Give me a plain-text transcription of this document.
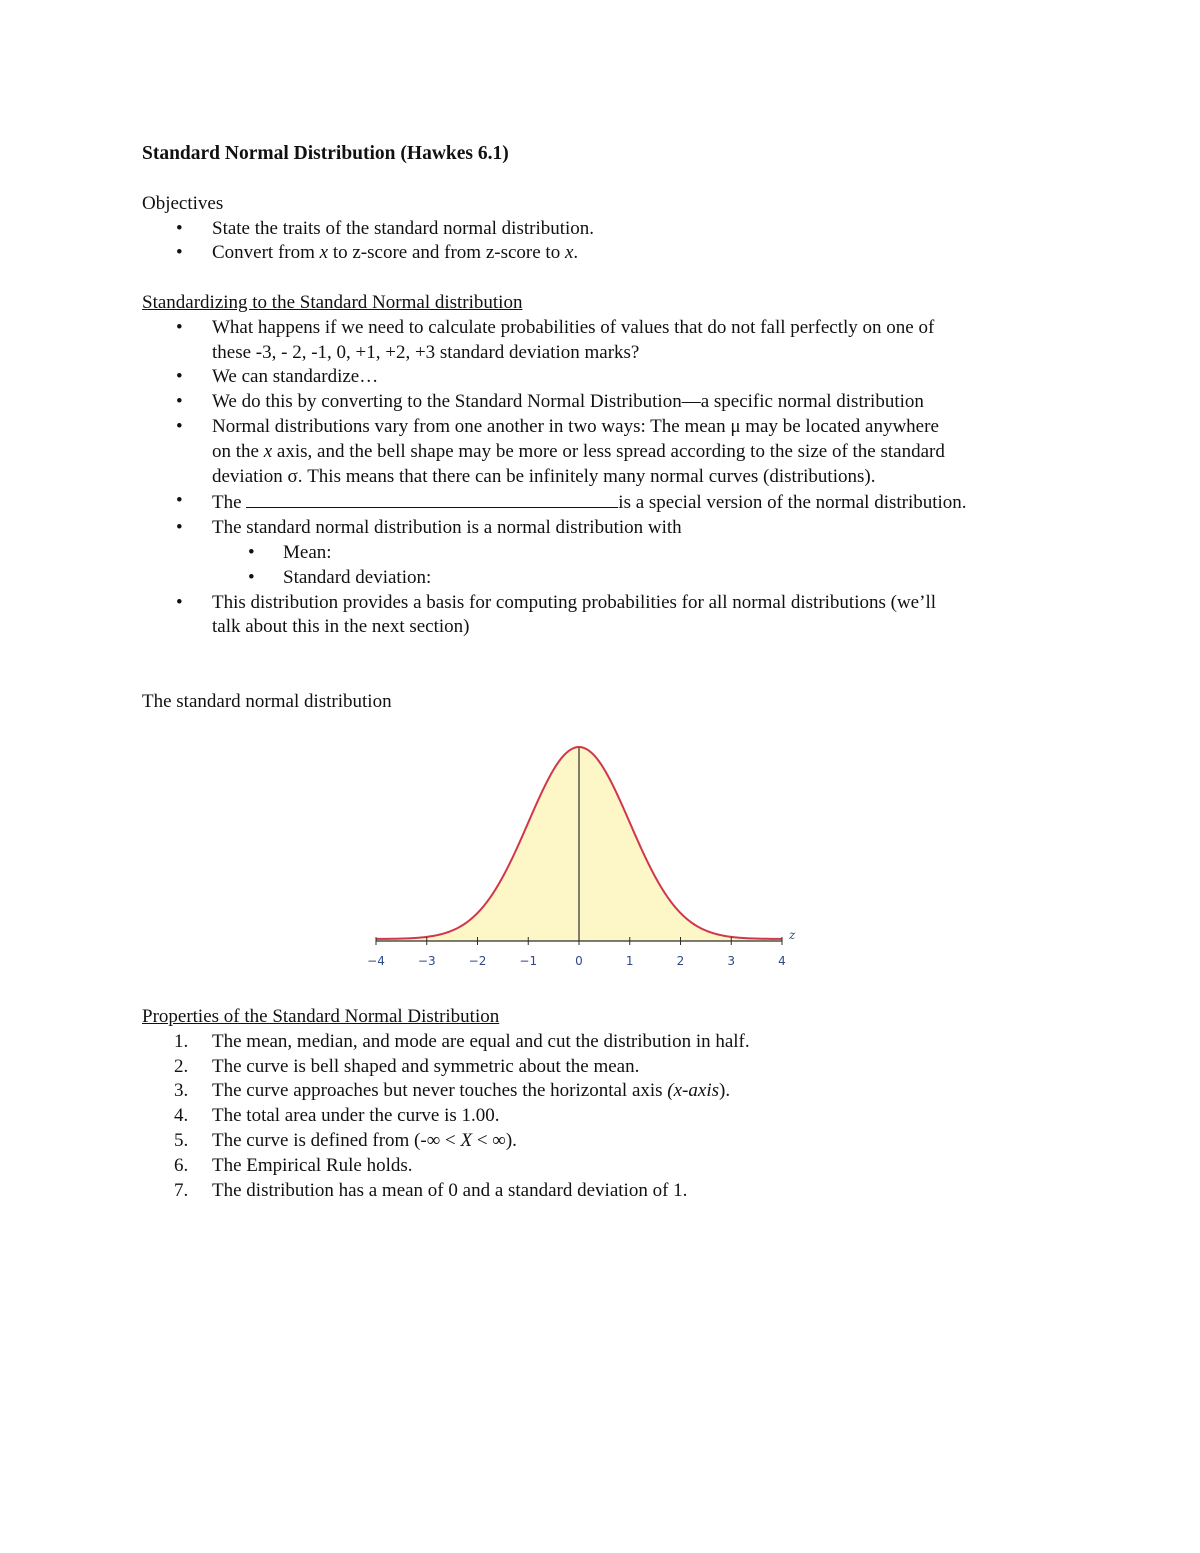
Standard Normal Distribution (Hawkes 6.1)

Objectives

• State the traits of the standard normal distribution.
• Convert from x to z-score and from z-score to x.

Standardizing to the Standard Normal distribution

• What happens if we need to calculate probabilities of values that do not fall perfectly on one of
these -3, - 2, -1, 0, +1, +2, +3 standard deviation marks?
• We can standardize…
• We do this by converting to the Standard Normal Distribution—a specific normal distribution
• Normal distributions vary from one another in two ways: The mean μ may be located anywhere
on the x axis, and the bell shape may be more or less spread according to the size of the standard
deviation σ. This means that there can be infinitely many normal curves (distributions).
• The	is a special version of the normal distribution.
• The standard normal distribution is a normal distribution with
• Mean:
• Standard deviation:
• This distribution provides a basis for computing probabilities for all normal distributions (we’ll
talk about this in the next section)

The standard normal distribution

−4	−3	−2	−1	0	1	2	3	4
z

Properties of the Standard Normal Distribution

1. The mean, median, and mode are equal and cut the distribution in half.
2. The curve is bell shaped and symmetric about the mean.
3. The curve approaches but never touches the horizontal axis (x-axis).
4. The total area under the curve is 1.00.
5. The curve is defined from (-∞ < X < ∞).
6. The Empirical Rule holds.
7. The distribution has a mean of 0 and a standard deviation of 1.
